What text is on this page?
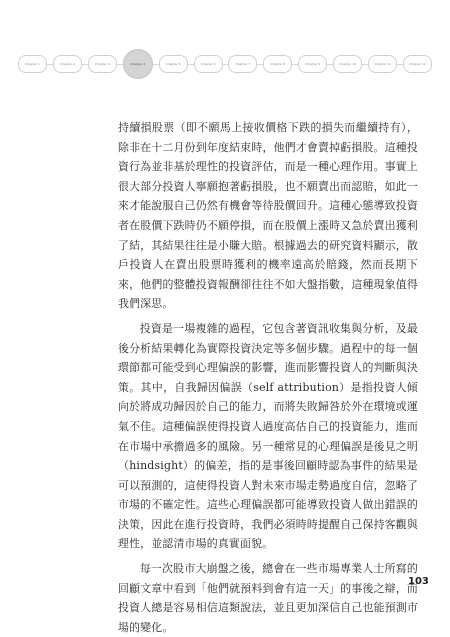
Chapter 1	Chapter 2	Chapter 3	Chapter 4	Chapter 5	Chapter 6	Chapter 7	Chapter 8	Chapter 9	Chapter 10	Chapter 11	Chapter 12

持續損股票（即不願馬上接收價格下跌的損失而繼續持有），除非在十二月份到年度結束時，他們才會賣掉虧損股。這種投資行為並非基於理性的投資評估，而是一種心理作用。事實上很大部分投資人寧願抱著虧損股，也不願賣出而認賠，如此一來才能說服自己仍然有機會等待股價回升。這種心態導致投資者在股價下跌時仍不願停損，而在股價上漲時又急於賣出獲利了結，其結果往往是小賺大賠。根據過去的研究資料顯示，散戶投資人在賣出股票時獲利的機率遠高於賠錢，然而長期下來，他們的整體投資報酬卻往往不如大盤指數，這種現象值得我們深思。

投資是一場複雜的過程，它包含著資訊收集與分析，及最後分析結果轉化為實際投資決定等多個步驟。過程中的每一個環節都可能受到心理偏誤的影響，進而影響投資人的判斷與決策。其中，自我歸因偏誤（self attribution）是指投資人傾向於將成功歸因於自己的能力，而將失敗歸咎於外在環境或運氣不佳。這種偏誤使得投資人過度高估自己的投資能力，進而在市場中承擔過多的風險。另一種常見的心理偏誤是後見之明（hindsight）的偏差，指的是事後回顧時認為事件的結果是可以預測的，這使得投資人對未來市場走勢過度自信，忽略了市場的不確定性。這些心理偏誤都可能導致投資人做出錯誤的決策，因此在進行投資時，我們必須時時提醒自己保持客觀與理性，並認清市場的真實面貌。

每一次股市大崩盤之後，總會在一些市場專業人士所寫的回顧文章中看到「他們就預料到會有這一天」的事後之辯，而投資人總是容易相信這類說法，並且更加深信自己也能預測市場的變化。

103
